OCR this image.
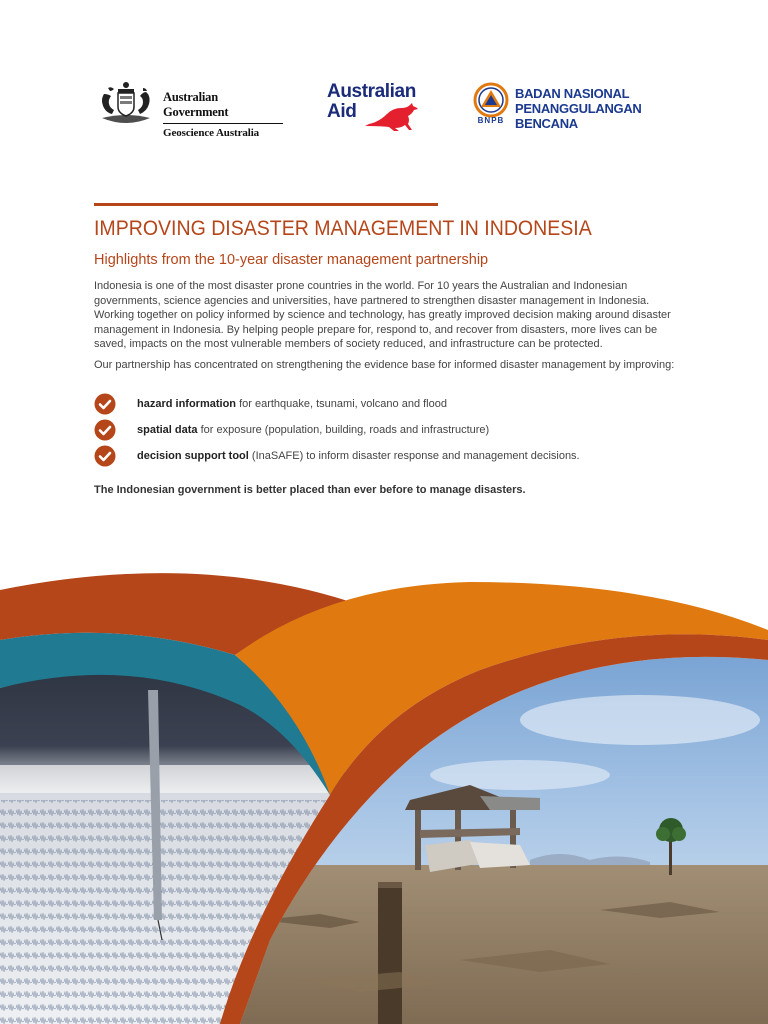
Australian Government
Geoscience Australia
Australian
Aid	BNPB
BADAN NASIONAL
PENANGGULANGAN BENCANA
IMPROVING DISASTER MANAGEMENT IN INDONESIA
Highlights from the 10-year disaster management partnership

Indonesia is one of the most disaster prone countries in the world. For 10 years the Australian and Indonesian governments, science agencies and universities, have partnered to strengthen disaster management in Indonesia. Working together on policy informed by science and technology, has greatly improved decision making around disaster management in Indonesia. By helping people prepare for, respond to, and recover from disasters, more lives can be saved, impacts on the most vulnerable members of society reduced, and infrastructure can be protected.

Our partnership has concentrated on strengthening the evidence base for informed disaster management by improving:

hazard information for earthquake, tsunami, volcano and flood
spatial data for exposure (population, building, roads and infrastructure)
decision support tool (InaSAFE) to inform disaster response and management decisions.

The Indonesian government is better placed than ever before to manage disasters.
